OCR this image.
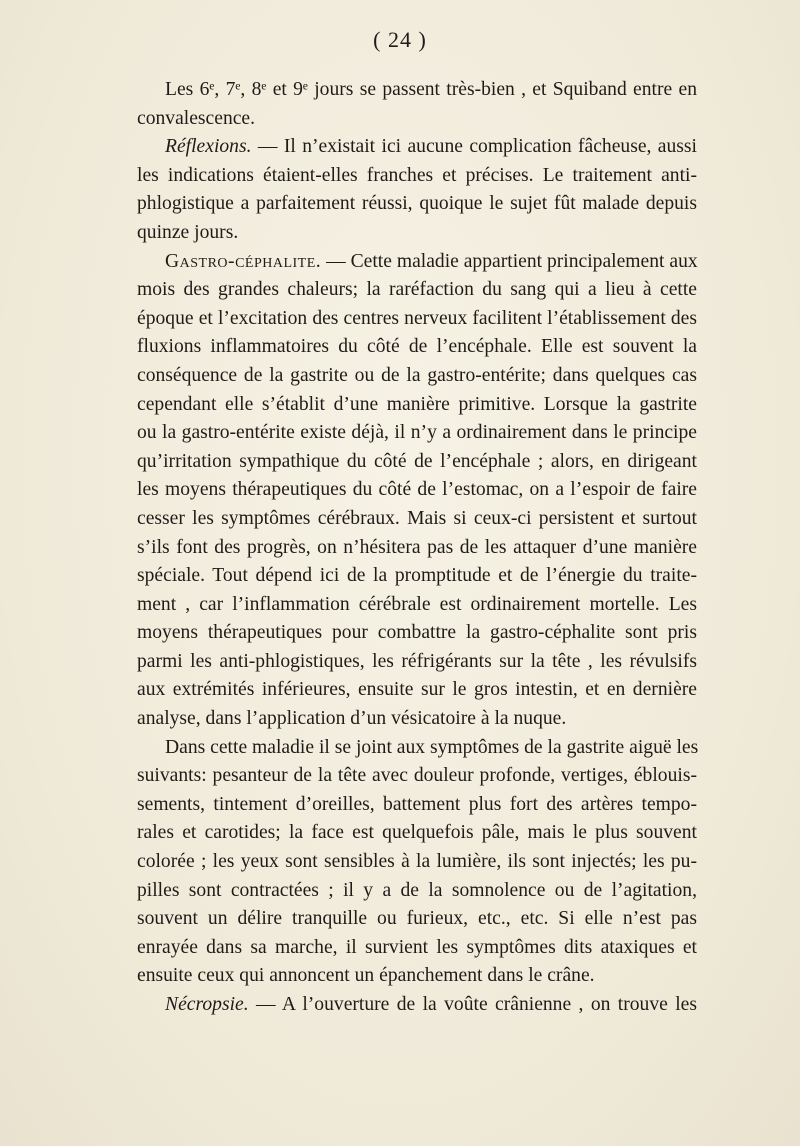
( 24 )
Les 6ᵉ, 7ᵉ, 8ᵉ et 9ᵉ jours se passent très-bien , et Squiband entre en
convalescence.
Réflexions. — Il n’existait ici aucune complication fâcheuse, aussi
les indications étaient-elles franches et précises. Le traitement anti-
phlogistique a parfaitement réussi, quoique le sujet fût malade depuis
quinze jours.
Gastro-céphalite. — Cette maladie appartient principalement aux
mois des grandes chaleurs; la raréfaction du sang qui a lieu à cette
époque et l’excitation des centres nerveux facilitent l’établissement des
fluxions inflammatoires du côté de l’encéphale. Elle est souvent la
conséquence de la gastrite ou de la gastro-entérite; dans quelques cas
cependant elle s’établit d’une manière primitive. Lorsque la gastrite
ou la gastro-entérite existe déjà, il n’y a ordinairement dans le principe
qu’irritation sympathique du côté de l’encéphale ; alors, en dirigeant
les moyens thérapeutiques du côté de l’estomac, on a l’espoir de faire
cesser les symptômes cérébraux. Mais si ceux-ci persistent et surtout
s’ils font des progrès, on n’hésitera pas de les attaquer d’une manière
spéciale. Tout dépend ici de la promptitude et de l’énergie du traite-
ment , car l’inflammation cérébrale est ordinairement mortelle. Les
moyens thérapeutiques pour combattre la gastro-céphalite sont pris
parmi les anti-phlogistiques, les réfrigérants sur la tête , les révulsifs
aux extrémités inférieures, ensuite sur le gros intestin, et en dernière
analyse, dans l’application d’un vésicatoire à la nuque.
Dans cette maladie il se joint aux symptômes de la gastrite aiguë les
suivants: pesanteur de la tête avec douleur profonde, vertiges, éblouis-
sements, tintement d’oreilles, battement plus fort des artères tempo-
rales et carotides; la face est quelquefois pâle, mais le plus souvent
colorée ; les yeux sont sensibles à la lumière, ils sont injectés; les pu-
pilles sont contractées ; il y a de la somnolence ou de l’agitation,
souvent un délire tranquille ou furieux, etc., etc. Si elle n’est pas
enrayée dans sa marche, il survient les symptômes dits ataxiques et
ensuite ceux qui annoncent un épanchement dans le crâne.
Nécropsie. — A l’ouverture de la voûte crânienne , on trouve les
